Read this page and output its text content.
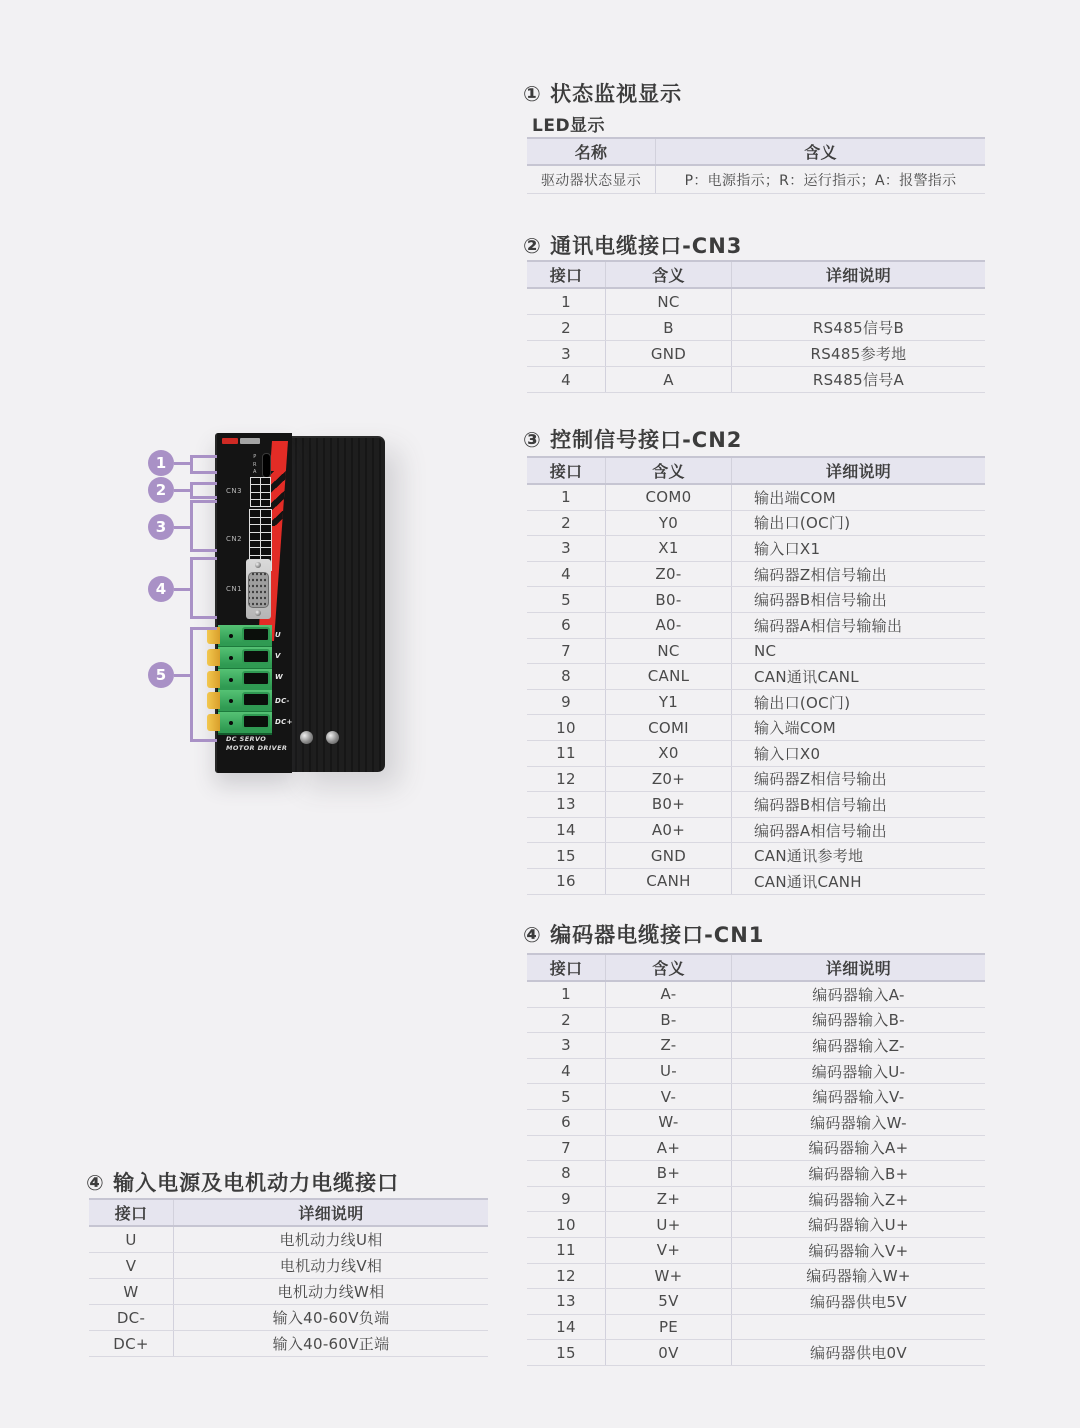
① 状态监视显示
LED显示
名称	含义
驱动器状态显示	P：电源指示；R：运行指示；A：报警指示
② 通讯电缆接口-CN3
接口	含义	详细说明
1	NC
2	B	RS485信号B
3	GND	RS485参考地
4	A	RS485信号A
③ 控制信号接口-CN2
接口	含义	详细说明
1	COM0	输出端COM
2	Y0	输出口(OC门)
3	X1	输入口X1
4	Z0-	编码器Z相信号输出
5	B0-	编码器B相信号输出
6	A0-	编码器A相信号输输出
7	NC	NC
8	CANL	CAN通讯CANL
9	Y1	输出口(OC门)
10	COMI	输入端COM
11	X0	输入口X0
12	Z0+	编码器Z相信号输出
13	B0+	编码器B相信号输出
14	A0+	编码器A相信号输出
15	GND	CAN通讯参考地
16	CANH	CAN通讯CANH
④ 编码器电缆接口-CN1
接口	含义	详细说明
1	A-	编码器输入A-
2	B-	编码器输入B-
3	Z-	编码器输入Z-
4	U-	编码器输入U-
5	V-	编码器输入V-
6	W-	编码器输入W-
7	A+	编码器输入A+
8	B+	编码器输入B+
9	Z+	编码器输入Z+
10	U+	编码器输入U+
11	V+	编码器输入V+
12	W+	编码器输入W+
13	5V	编码器供电5V
14	PE
15	0V	编码器供电0V
④ 输入电源及电机动力电缆接口
接口	详细说明
U	电机动力线U相
V	电机动力线V相
W	电机动力线W相
DC-	输入40-60V负端
DC+	输入40-60V正端
P
R
A
CN3
CN2
CN1
U
V
W
DC-
DC+
DC SERVO
MOTOR DRIVER
1
2
3
4
5
